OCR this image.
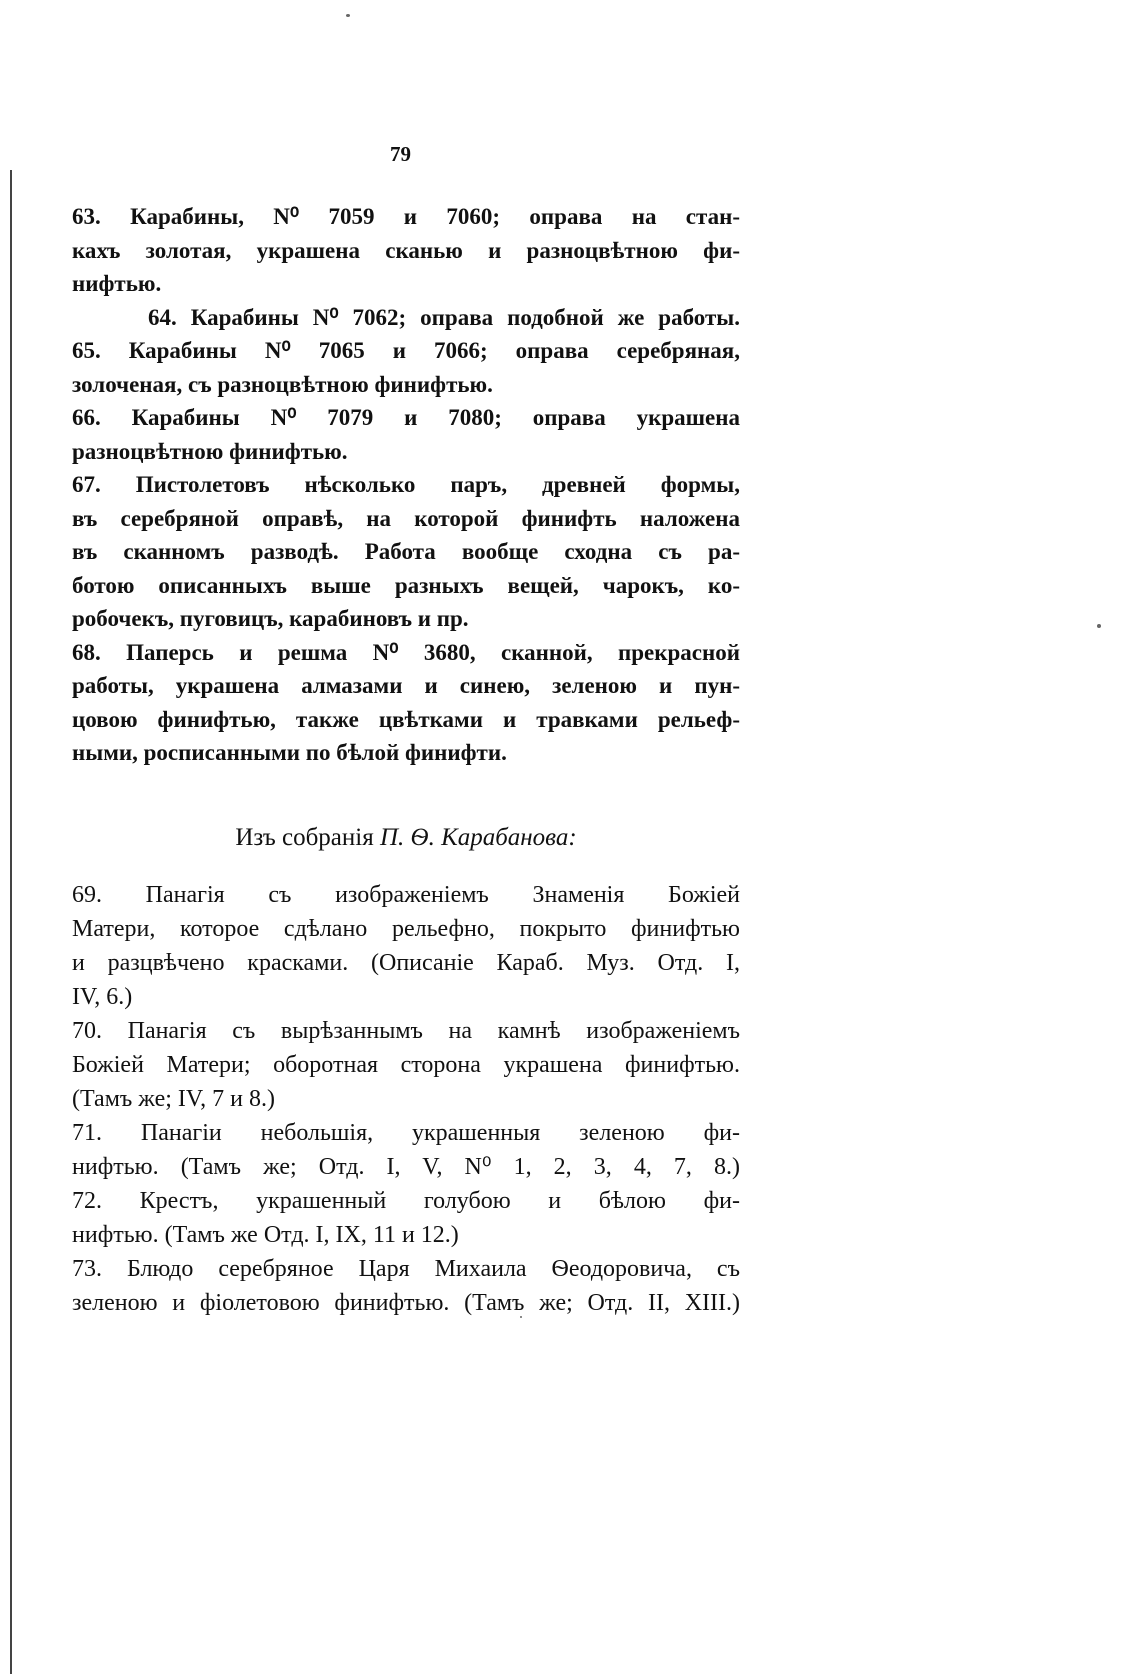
79
63. Карабины, N⁰ 7059 и 7060; оправа на стан-
кахъ золотая, украшена сканью и разноцвѣтною фи-
нифтью.
64. Карабины N⁰ 7062; оправа подобной же работы.
65. Карабины N⁰ 7065 и 7066; оправа серебряная,
золоченая, съ разноцвѣтною финифтью.
66. Карабины N⁰ 7079 и 7080; оправа украшена
разноцвѣтною финифтью.
67. Пистолетовъ нѣсколько паръ, древней формы,
въ серебряной оправѣ, на которой финифть наложена
въ сканномъ разводѣ. Работа вообще сходна съ ра-
ботою описанныхъ выше разныхъ вещей, чарокъ, ко-
робочекъ, пуговицъ, карабиновъ и пр.
68. Паперсь и решма N⁰ 3680, сканной, прекрасной
работы, украшена алмазами и синею, зеленою и пун-
цовою финифтью, также цвѣтками и травками рельеф-
ными, росписанными по бѣлой финифти.
Изъ собранія П. Ѳ. Карабанова:
69. Панагія съ изображеніемъ Знаменія Божіей
Матери, которое сдѣлано рельефно, покрыто финифтью
и разцвѣчено красками. (Описаніе Караб. Муз. Отд. I,
IV, 6.)
70. Панагія съ вырѣзаннымъ на камнѣ изображеніемъ
Божіей Матери; оборотная сторона украшена финифтью.
(Тамъ же; IV, 7 и 8.)
71. Панагіи небольшія, украшенныя зеленою фи-
нифтью. (Тамъ же; Отд. I, V, N⁰ 1, 2, 3, 4, 7, 8.)
72. Крестъ, украшенный голубою и бѣлою фи-
нифтью. (Тамъ же Отд. I, IX, 11 и 12.)
73. Блюдо серебряное Царя Михаила Ѳеодоровича, съ
зеленою и фіолетовою финифтью. (Тамъ же; Отд. II, XIII.)
